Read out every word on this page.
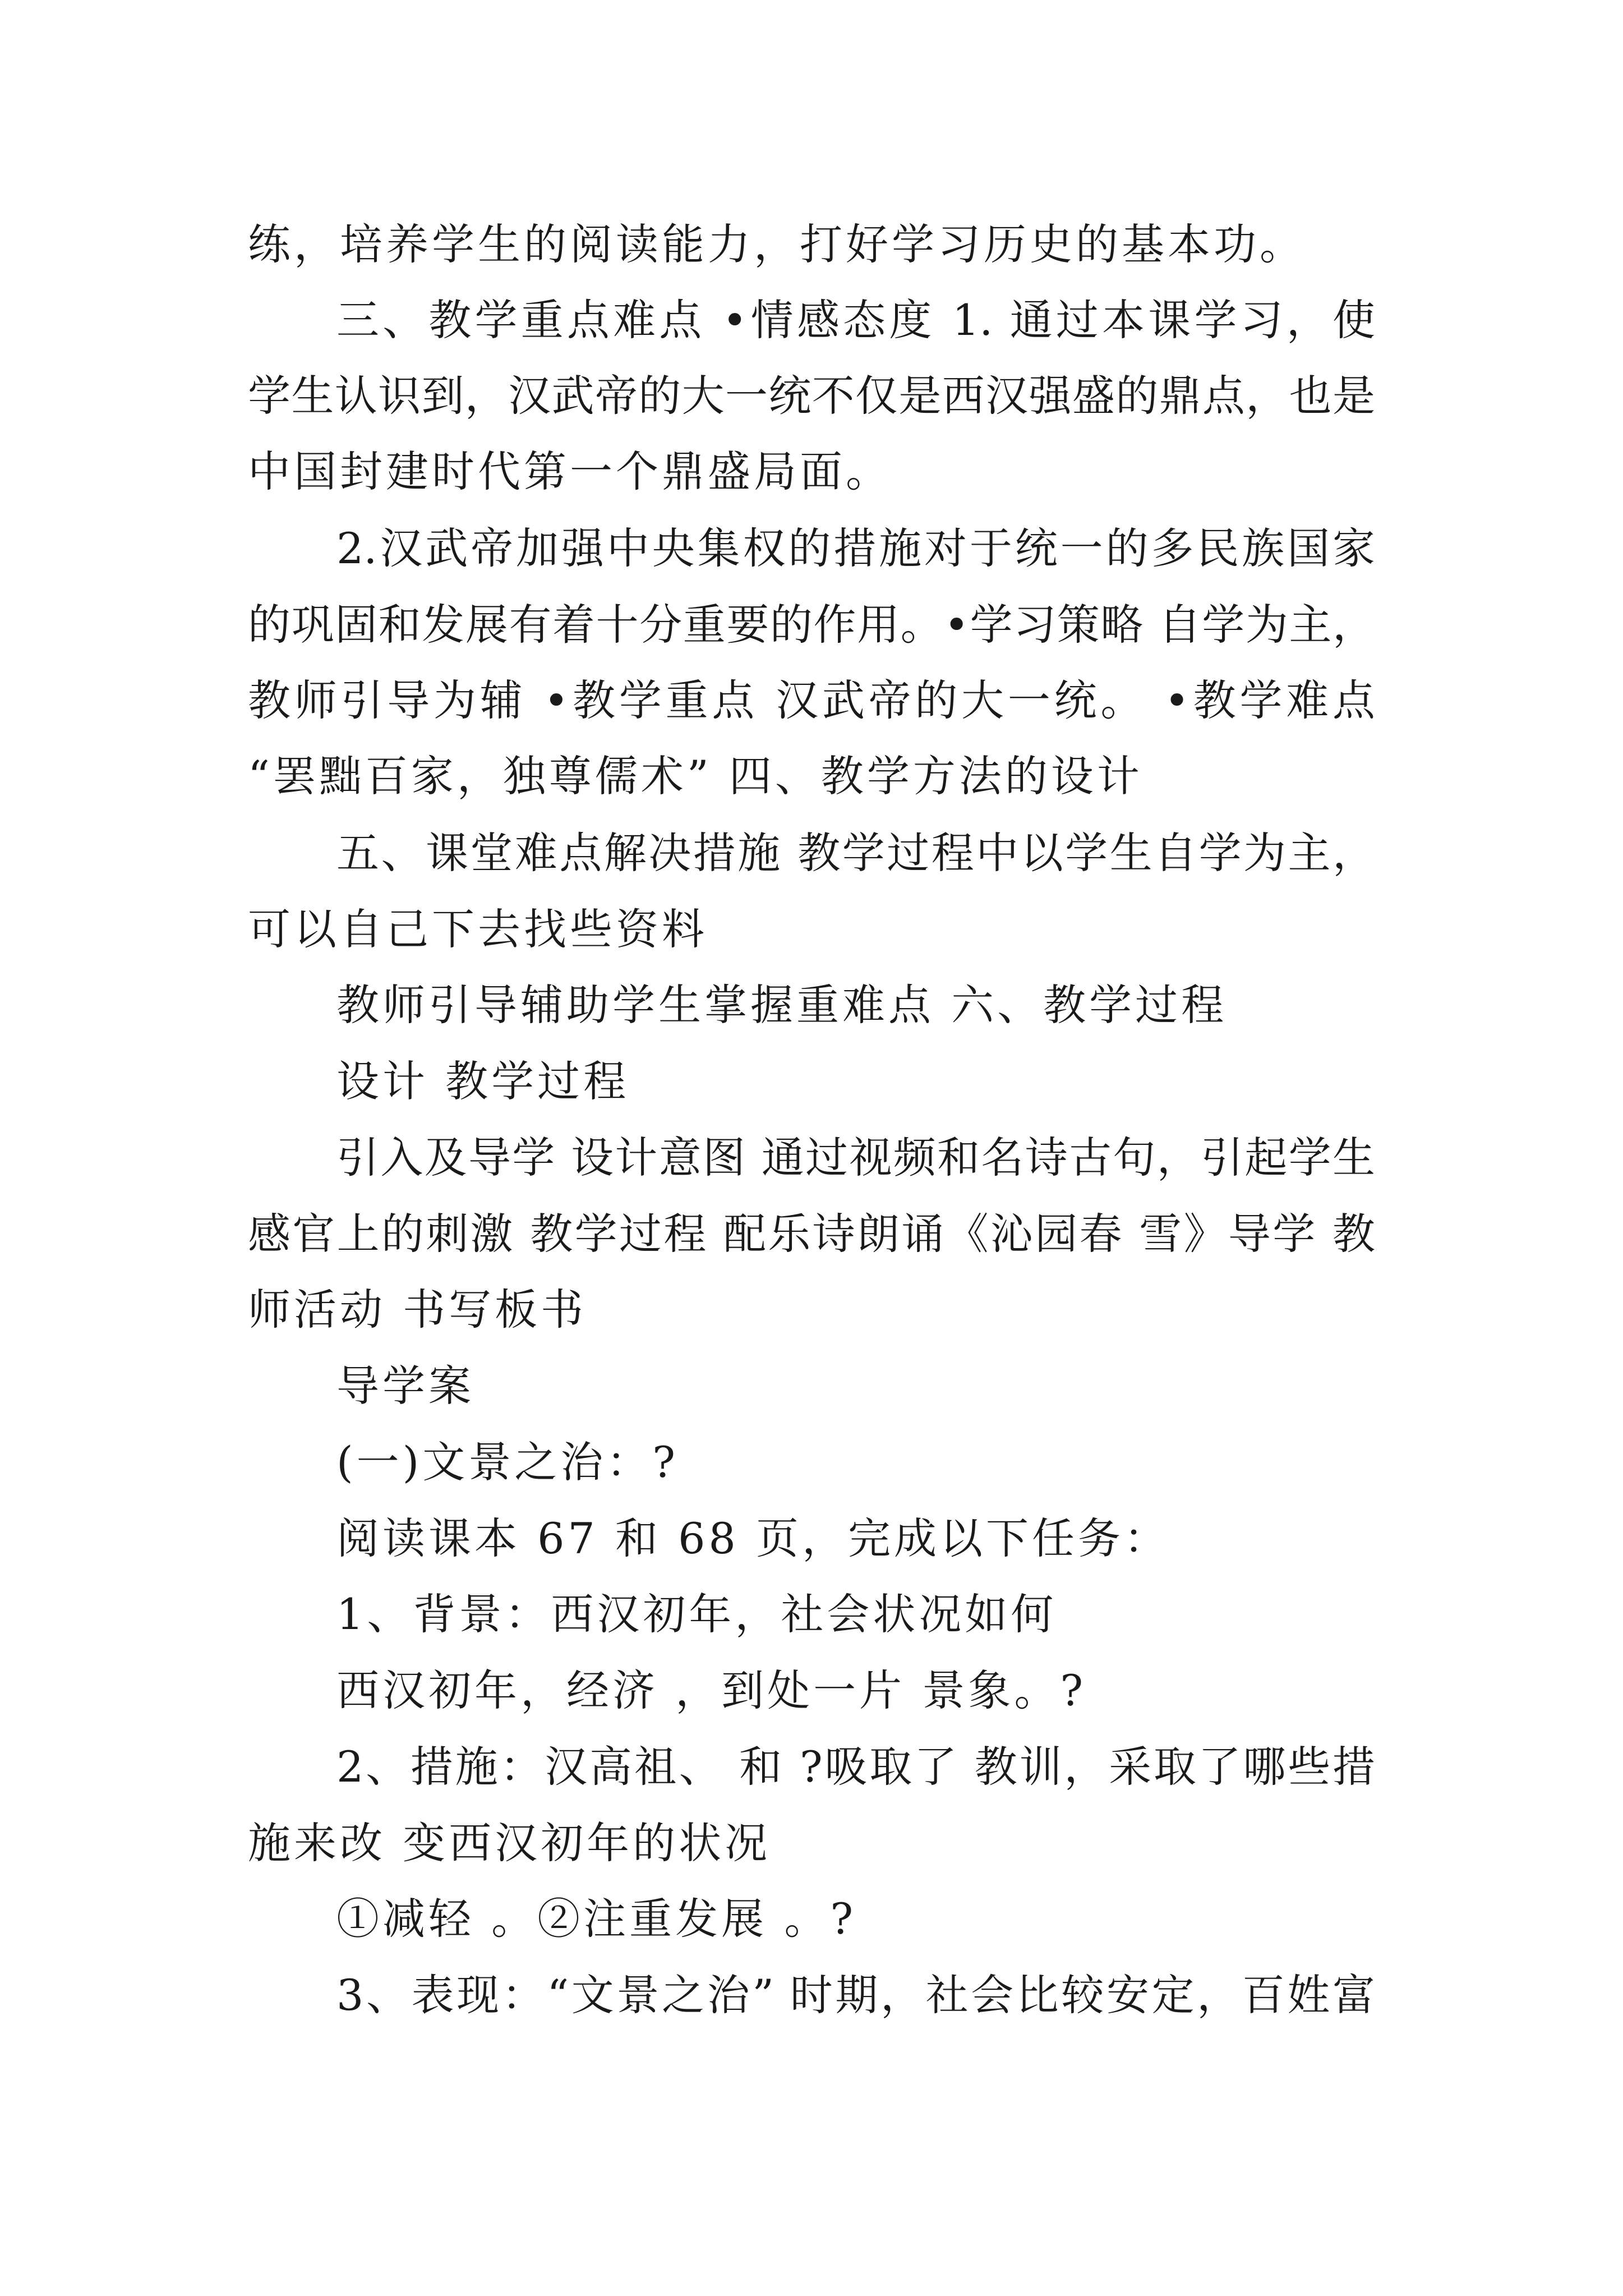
练，培养学生的阅读能力，打好学习历史的基本功。
三、教学重点难点 •情感态度 1. 通过本课学习，使
学生认识到，汉武帝的大一统不仅是西汉强盛的鼎点，也是
中国封建时代第一个鼎盛局面。
2.汉武帝加强中央集权的措施对于统一的多民族国家
的巩固和发展有着十分重要的作用。•学习策略 自学为主，
教师引导为辅 •教学重点 汉武帝的大一统。 •教学难点
“罢黜百家，独尊儒术” 四、教学方法的设计
五、课堂难点解决措施 教学过程中以学生自学为主，
可以自己下去找些资料
教师引导辅助学生掌握重难点 六、教学过程
设计 教学过程
引入及导学 设计意图 通过视频和名诗古句，引起学生
感官上的刺激 教学过程 配乐诗朗诵《沁园春 雪》导学 教
师活动 书写板书
导学案
(一)文景之治：?
阅读课本 67 和 68 页，完成以下任务：
1、背景：西汉初年，社会状况如何
西汉初年，经济 ，到处一片 景象。?
2、措施：汉高祖、 和 ?吸取了 教训，采取了哪些措
施来改 变西汉初年的状况
①减轻 。②注重发展 。?
3、表现：“文景之治” 时期，社会比较安定，百姓富
